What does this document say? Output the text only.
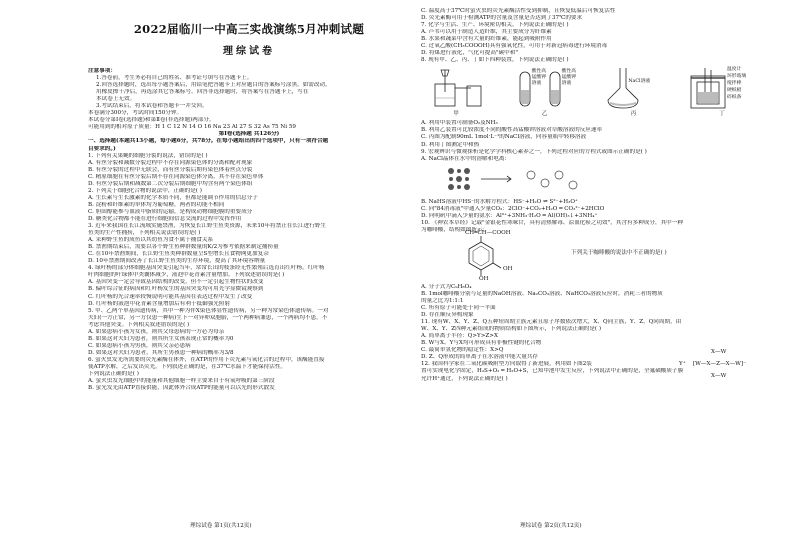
2022届临川一中高三实战演练5月冲刺试题
理综试卷
注意事项：
1.答卷前，考生务必将自己的姓名、准考证号填写在答题卡上。
2.回答选择题时，选出每小题答案后，用铅笔把答题卡上对应题目的答案标号涂黑。如需改动，
用橡皮擦干净后，再选涂其它答案标号。回答非选择题时，将答案写在答题卡上，写在
本试卷上无效。
3.考试结束后，将本试卷和答题卡一并交回。
本卷满分300分，考试时间150分钟。
本试卷分第Ⅰ卷(选择题)和第Ⅱ卷(非选择题)两部分。
可能用到的相对原子质量：H 1 C 12 N 14 O 16 Na 23 Al 27 S 32 As 75 Ni 59
第Ⅰ卷(选择题 共126分)
一、选择题(本题共13小题，每小题6分，共78分。在每小题给出的四个选项中，只有一项符合题
目要求的。)
1. 下列有关果蝇的细胞分裂的说法，错误的是( )
A. 有丝分裂和减数分裂过程中不存在同源染色体的分离和配对现象
B. 有丝分裂的过程中无联会，而有丝分裂后期有染色体着丝点分裂
C. 精原细胞在有丝分裂后期不存在同源染色体分离，其不存在染色单体
D. 有丝分裂后期和减数第二次分裂后期细胞中均含有两个染色体组
2. 下列关于细胞化合物的说法中，正确的是( )
A. 生长素与生长激素的化学本质不同，但都是能调节作用的信息分子
B. 淀粉和纤维素的单体均为葡萄糖，两者的功能不相同
C. 胆固醇能参与血液中脂质的运输，是构成动物细胞膜的重要成分
D. 糖类化合物都不能在进行细胞间信息交流的过程中发挥作用
3. 近年来我国在长江流域实施禁渔，为恢复长江野生鱼类资源，未来10年将禁止在长江进行野生
鱼类的生产性捕捞，下列相关说法错误的是( )
A. 采种野生鱼的成鱼以其幼鱼为食不属于捕食关系
B. 禁渔期结束后，需要以各个野生鱼种群数量的K/2为参考依据来制定捕捞量
C. 在10年禁渔期间，长江野生鱼类种群数量呈S型增长且食物网更加复杂
D. 10年禁渔期间改善了长江野生鱼类的生存环境，提高了其环境容纳量
4. 绿叶杨的部分体细胞基因突变引起当年，常常长出的枝条经无性繁殖后选育出红叶杨。红叶杨
叶肉细胞的叶绿体中类囊体减少，液泡中花青素含量增加。下列叙述错误的是( )
A. 基因突变一定会导致基因结构的改变，但不一定引起生物性状的改变
B. 偏叶综合征的病因和红叶杨发生的基因突变均可用光学显微镜观察到
C. 红叶杨的光合速率较慢说明可能其基因在表达过程中发生了改变
D. 红叶杨的液泡中花青素含量增加后有利于抵御强光照射
5. 甲、乙两个单基因遗传病，其中一种为伴X染色体显性遗传病，另一种为常染色体遗传病。一对
夫妇(一方正常，另一方仅患一种病)生下一对异卵双胞胎，一个两种病兼患，一个两病均不患。不
考虑其他突变。下列相关叙述错误的是( )
A. 如果患病小孩为女孩，则其父母患病的一方必为母亲
B. 如果这对夫妇为患者，则其所生女孩表现正常的概率为0
C. 如果患病小孩为男孩，则其父亲必患病
D. 如果这对夫妇为患者，其所生男孩患一种病的概率为3/8
6. 萤火虫发光所需要的荧光素酶在体外，在ATP的作用下荧光素与氧化合的过程中，该酶能直接
使ATP水解，之后发出荧光。下列叙述正确的是，在37℃水温下才能保持活性。
下列说法正确的是( )
A. 萤火虫发光细胞中的能量和其他细胞一样主要来自于有氧呼吸的第三阶段
B. 萤光发光由ATP直接供能，因此体外合成ATP的能量可以以光的形式散发
C. 温度高于37℃时萤火虫的荧光素酶活性受到抑制，且恢复低温后可恢复活性
D. 荧光素酶可用于检测ATP的含量及含量是否达到了37℃的要求
7. 化学与生活、生产、环境密切相关。下列说法正确的是( )
A. 芦苇可以用于制造人造纤维，其主要成分为纤维素
B. 水果和蔬菜中含有大量的纤维素，能起到吸附作用
C. 过氧乙酸(CH₃COOOH)具有强氧化性，可用于对新冠病毒进行环境消毒
D. 将煤进行液化，气化可提高"碳中和"
8. 现有甲、乙、丙、丁如下四种装置，下列说法正确的是( )
甲
酸性高
锰酸钾
溶液
酸性高
锰酸钾
溶液
乙
NaCl溶液
丙
温度计
环形玻璃
搅拌棒
硬纸板
碎纸条
丁
A. 利用甲装置可制备O₂及NH₃
B. 利用乙装置可比较浓度不同的酸性高锰酸钾溶液对草酸溶液的反应速率
C. 丙图为配制90mL 1mol·L⁻¹的NaCl溶液，向容量瓶中转移溶液
D. 利用丁图测定中和热
9. 宏观辨识与微观探析是化学学科核心素养之一，下列过程对应的方程式或图示正确的是( )
A. NaCl晶体在水中的溶解和电离：
B. NaHS溶液中HS⁻的水解方程式：HS⁻+H₂O ⇌ S²⁻+H₃O⁺
C. 向"84消毒液"中通入少量CO₂：2ClO⁻+CO₂+H₂O ═ CO₃²⁻+2HClO
D. 向明矾中滴入少量的氨水：Al³⁺+3NH₃·H₂O ═ Al(OH)₃↓+3NH₄⁺
10. 《神农本草经》记载"金银花性寒味甘，具有清热解毒、凉血化瘀之功效"，其含有多种成分，其中一种
为咖啡酸，结构如图所示：
CH═CH—COOH
OH
OH
下列关于咖啡酸的说法中不正确的是( )
A. 分子式为C₉H₈O₄
B. 1mol咖啡酸分别与足量的NaOH溶液、Na₂CO₃溶液、NaHCO₃溶液反应时，消耗三者的物质
的量之比为1:1:1
C. 所有原子可能处于同一平面
D. 存在顺反异构现象
11. 现有W、X、Y、Z、Q五种短周期主族元素且原子序数依次增大，X、Q同主族，Y、Z、Q同周期，由
W、X、Y、Z四种元素组成的物质结构如下图所示，下列说法正确的是( )
A. 简单离子半径：Q>Y>Z>X
B. W与X、Y与X均可形成具有非极性键的化合物
C. 最简单氢化物的稳定性：X>Q
D. Z、Q形成的简单离子在水溶液中能大量共存
12. 我国科学家在二氧化碳吸附型方向取得了新进展，利用如下图2装
置可实现电化学固定，H₂S+O₂ ═ H₂O+S，已知甲池中发生反应，下列说法中正确的是，全氟磺酸质子膜
允许H⁺通过，下列说法正确的是( )
X—W
Y⁺ [W—X—Z—X—W]⁻
X—W
理综试卷 第1页(共12页)	理综试卷 第2页(共12页)
